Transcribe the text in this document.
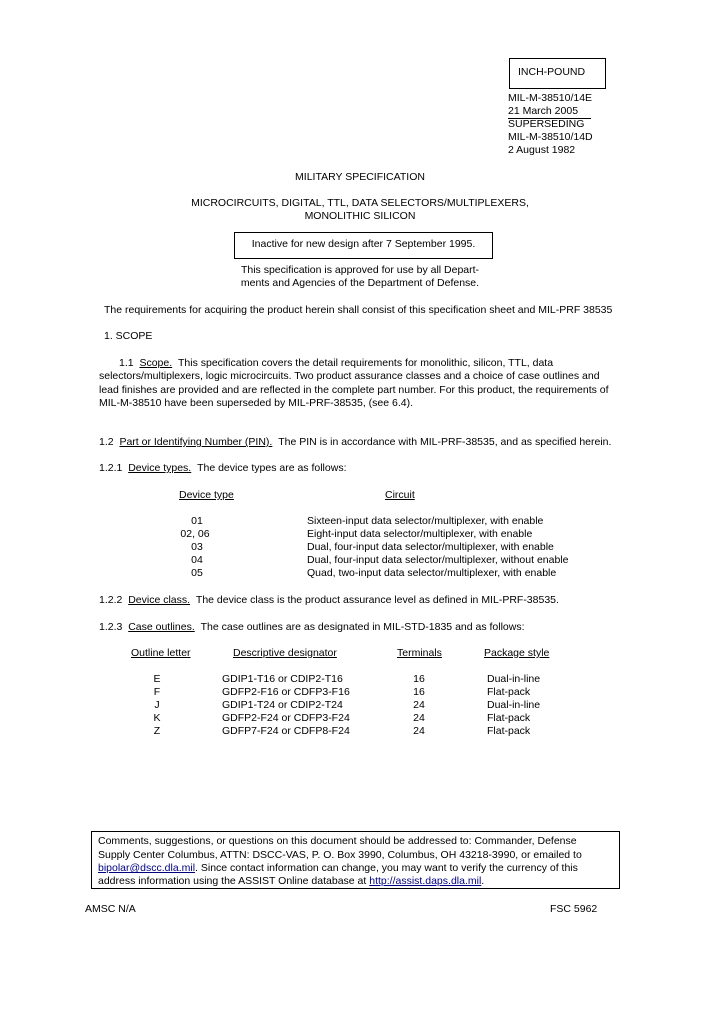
INCH-POUND
MIL-M-38510/14E
21 March 2005
SUPERSEDING
MIL-M-38510/14D
2 August 1982
MILITARY SPECIFICATION
MICROCIRCUITS, DIGITAL, TTL, DATA SELECTORS/MULTIPLEXERS,
MONOLITHIC SILICON
Inactive for new design after 7 September 1995.
This specification is approved for use by all Depart-
ments and Agencies of the Department of Defense.
The requirements for acquiring the product herein shall consist of this specification sheet and MIL-PRF 38535
1. SCOPE
1.1 Scope. This specification covers the detail requirements for monolithic, silicon, TTL, data selectors/multiplexers, logic microcircuits. Two product assurance classes and a choice of case outlines and lead finishes are provided and are reflected in the complete part number. For this product, the requirements of MIL-M-38510 have been superseded by MIL-PRF-38535, (see 6.4).
1.2 Part or Identifying Number (PIN). The PIN is in accordance with MIL-PRF-38535, and as specified herein.
1.2.1 Device types. The device types are as follows:
Device type	Circuit
01	Sixteen-input data selector/multiplexer, with enable
02, 06	Eight-input data selector/multiplexer, with enable
03	Dual, four-input data selector/multiplexer, with enable
04	Dual, four-input data selector/multiplexer, without enable
05	Quad, two-input data selector/multiplexer, with enable
1.2.2 Device class. The device class is the product assurance level as defined in MIL-PRF-38535.
1.2.3 Case outlines. The case outlines are as designated in MIL-STD-1835 and as follows:
Outline letter	Descriptive designator	Terminals	Package style
E	GDIP1-T16 or CDIP2-T16	16	Dual-in-line
F	GDFP2-F16 or CDFP3-F16	16	Flat-pack
J	GDIP1-T24 or CDIP2-T24	24	Dual-in-line
K	GDFP2-F24 or CDFP3-F24	24	Flat-pack
Z	GDFP7-F24 or CDFP8-F24	24	Flat-pack
Comments, suggestions, or questions on this document should be addressed to: Commander, Defense
Supply Center Columbus, ATTN: DSCC-VAS, P. O. Box 3990, Columbus, OH 43218-3990, or emailed to
bipolar@dscc.dla.mil. Since contact information can change, you may want to verify the currency of this
address information using the ASSIST Online database at http://assist.daps.dla.mil.
AMSC N/A	FSC 5962
